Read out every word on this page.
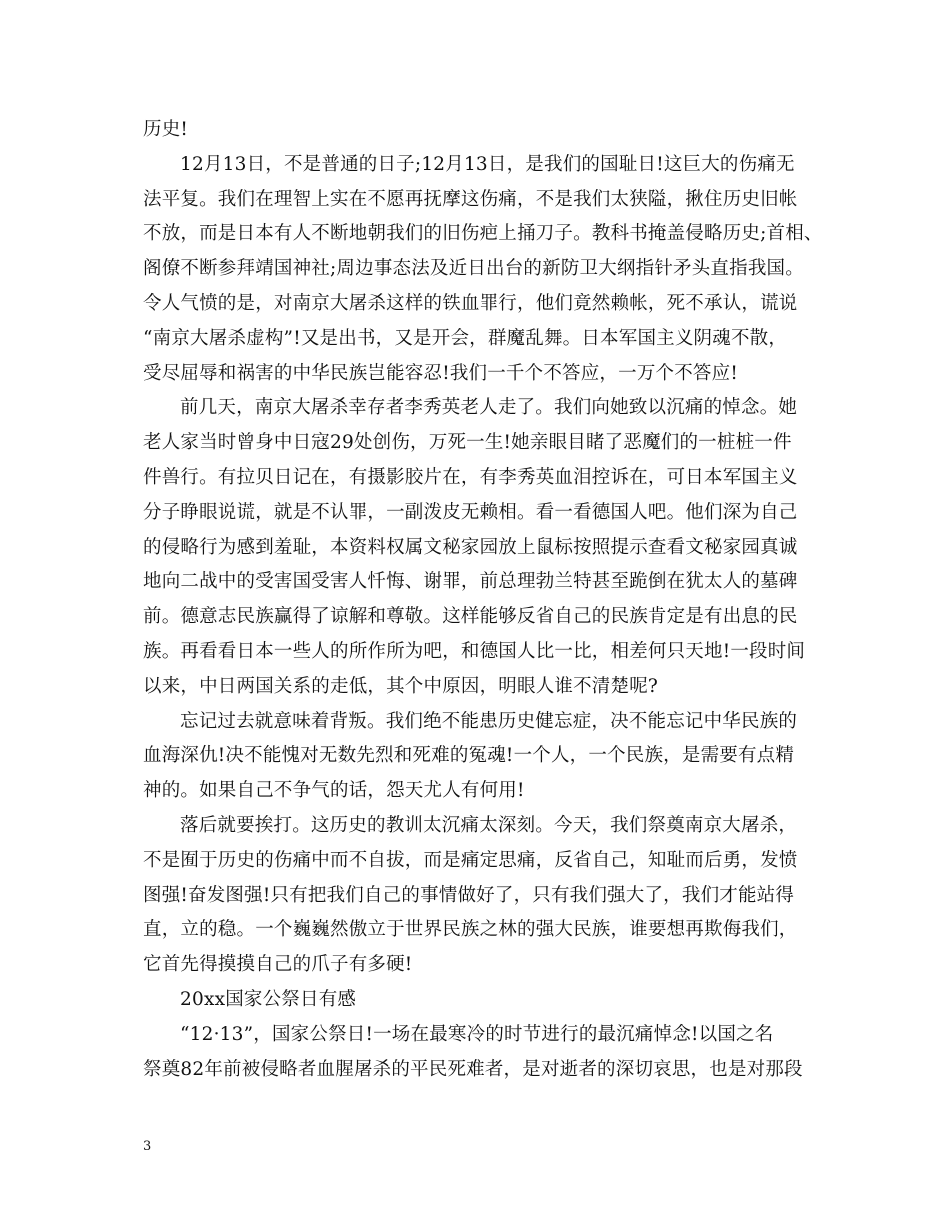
历史!
12月13日，不是普通的日子;12月13日，是我们的国耻日!这巨大的伤痛无
法平复。我们在理智上实在不愿再抚摩这伤痛，不是我们太狭隘，揪住历史旧帐
不放，而是日本有人不断地朝我们的旧伤疤上捅刀子。教科书掩盖侵略历史;首相、
阁僚不断参拜靖国神社;周边事态法及近日出台的新防卫大纲指针矛头直指我国。
令人气愤的是，对南京大屠杀这样的铁血罪行，他们竟然赖帐，死不承认，谎说
“南京大屠杀虚构”!又是出书，又是开会，群魔乱舞。日本军国主义阴魂不散，
受尽屈辱和祸害的中华民族岂能容忍!我们一千个不答应，一万个不答应!
前几天，南京大屠杀幸存者李秀英老人走了。我们向她致以沉痛的悼念。她
老人家当时曾身中日寇29处创伤，万死一生!她亲眼目睹了恶魔们的一桩桩一件
件兽行。有拉贝日记在，有摄影胶片在，有李秀英血泪控诉在，可日本军国主义
分子睁眼说谎，就是不认罪，一副泼皮无赖相。看一看德国人吧。他们深为自己
的侵略行为感到羞耻，本资料权属文秘家园放上鼠标按照提示查看文秘家园真诚
地向二战中的受害国受害人忏悔、谢罪，前总理勃兰特甚至跪倒在犹太人的墓碑
前。德意志民族赢得了谅解和尊敬。这样能够反省自己的民族肯定是有出息的民
族。再看看日本一些人的所作所为吧，和德国人比一比，相差何只天地!一段时间
以来，中日两国关系的走低，其个中原因，明眼人谁不清楚呢?
忘记过去就意味着背叛。我们绝不能患历史健忘症，决不能忘记中华民族的
血海深仇!决不能愧对无数先烈和死难的冤魂!一个人，一个民族，是需要有点精
神的。如果自己不争气的话，怨天尤人有何用!
落后就要挨打。这历史的教训太沉痛太深刻。今天，我们祭奠南京大屠杀，
不是囿于历史的伤痛中而不自拔，而是痛定思痛，反省自己，知耻而后勇，发愤
图强!奋发图强!只有把我们自己的事情做好了，只有我们强大了，我们才能站得
直，立的稳。一个巍巍然傲立于世界民族之林的强大民族，谁要想再欺侮我们，
它首先得摸摸自己的爪子有多硬!
20xx国家公祭日有感
“12·13”，国家公祭日!一场在最寒冷的时节进行的最沉痛悼念!以国之名
祭奠82年前被侵略者血腥屠杀的平民死难者，是对逝者的深切哀思，也是对那段
3
